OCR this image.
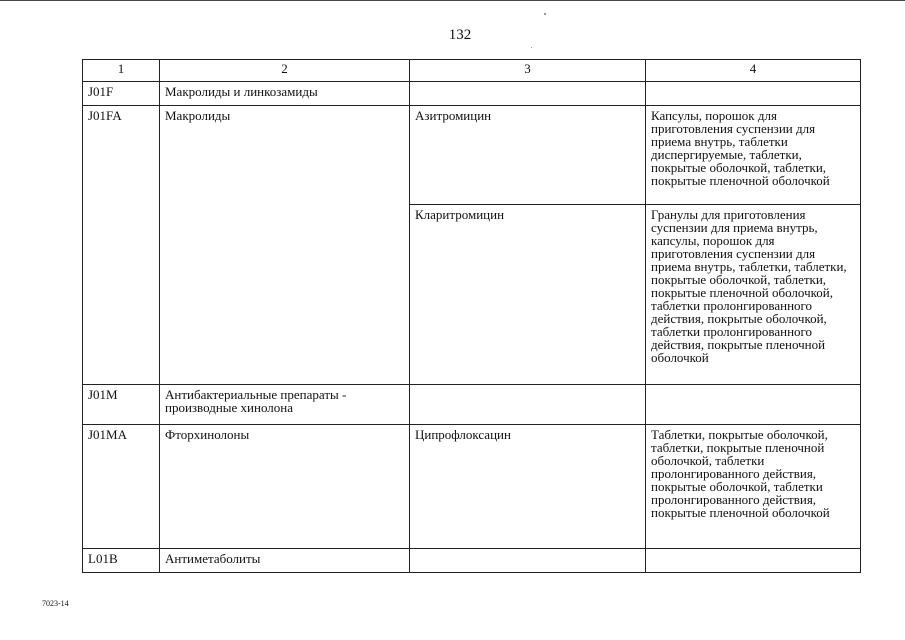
132
1	2	3	4
J01F	Макролиды и линкозамиды		
J01FA	Макролиды	Азитромицин	Капсулы, порошок для приготовления суспензии для приема внутрь, таблетки диспергируемые, таблетки, покрытые оболочкой, таблетки, покрытые пленочной оболочкой

		Кларитромицин	Гранулы для приготовления суспензии для приема внутрь, капсулы, порошок для приготовления суспензии для приема внутрь, таблетки, таблетки, покрытые оболочкой, таблетки, покрытые пленочной оболочкой, таблетки пролонгированного действия, покрытые оболочкой, таблетки пролонгированного действия, покрытые пленочной оболочкой

J01M	Антибактериальные препараты - производные хинолона		
J01MA	Фторхинолоны	Ципрофлоксацин	Таблетки, покрытые оболочкой, таблетки, покрытые пленочной оболочкой, таблетки пролонгированного действия, покрытые оболочкой, таблетки пролонгированного действия, покрытые пленочной оболочкой

L01B	Антиметаболиты		
7023-14
